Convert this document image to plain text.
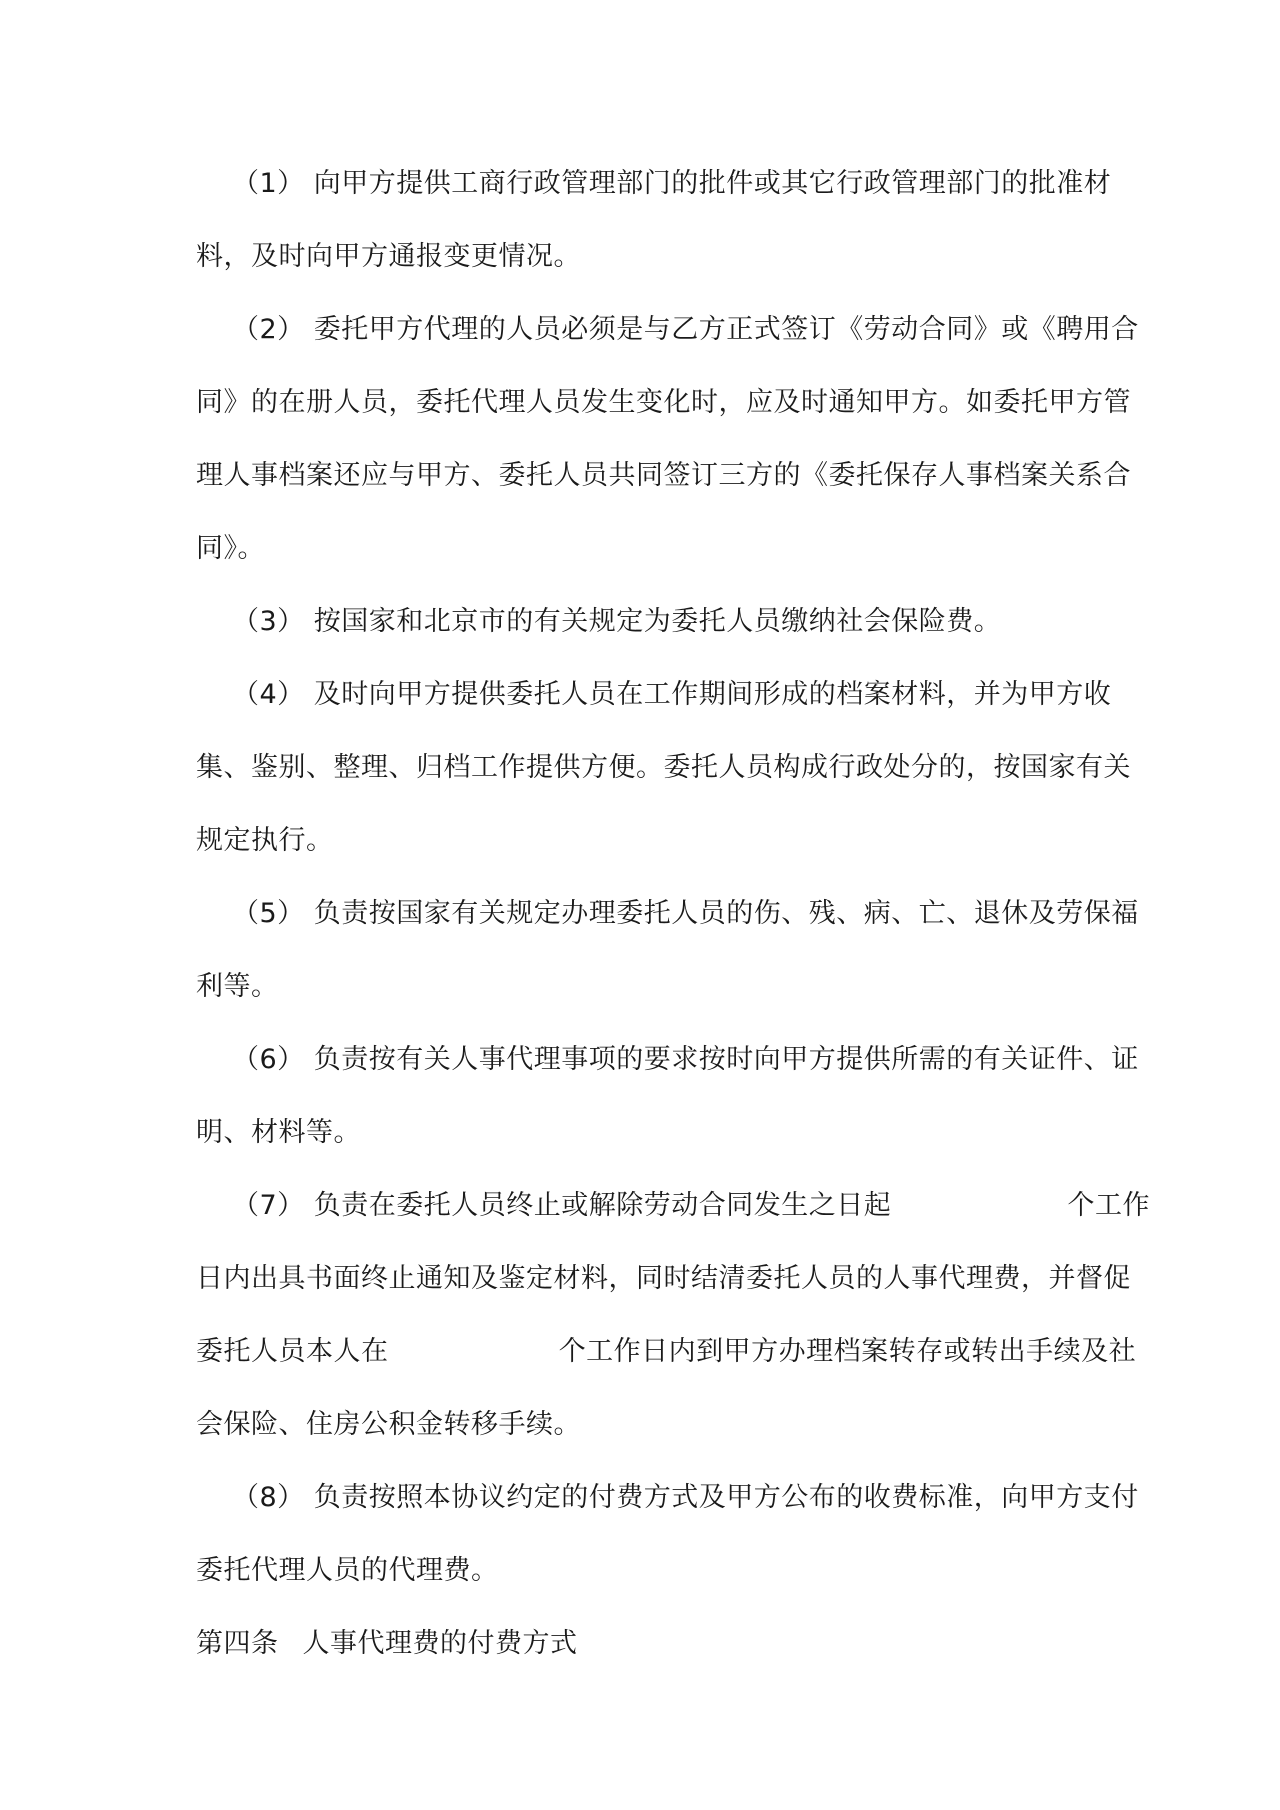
（1） 向甲方提供工商行政管理部门的批件或其它行政管理部门的批准材
料，及时向甲方通报变更情况。
（2） 委托甲方代理的人员必须是与乙方正式签订《劳动合同》或《聘用合
同》的在册人员，委托代理人员发生变化时，应及时通知甲方。如委托甲方管
理人事档案还应与甲方、委托人员共同签订三方的《委托保存人事档案关系合
同》。
（3） 按国家和北京市的有关规定为委托人员缴纳社会保险费。
（4） 及时向甲方提供委托人员在工作期间形成的档案材料，并为甲方收
集、鉴别、整理、归档工作提供方便。委托人员构成行政处分的，按国家有关
规定执行。
（5） 负责按国家有关规定办理委托人员的伤、残、病、亡、退休及劳保福
利等。
（6） 负责按有关人事代理事项的要求按时向甲方提供所需的有关证件、证
明、材料等。
（7） 负责在委托人员终止或解除劳动合同发生之日起	个工作
日内出具书面终止通知及鉴定材料，同时结清委托人员的人事代理费，并督促
委托人员本人在	个工作日内到甲方办理档案转存或转出手续及社
会保险、住房公积金转移手续。
（8） 负责按照本协议约定的付费方式及甲方公布的收费标准，向甲方支付
委托代理人员的代理费。
第四条 人事代理费的付费方式
